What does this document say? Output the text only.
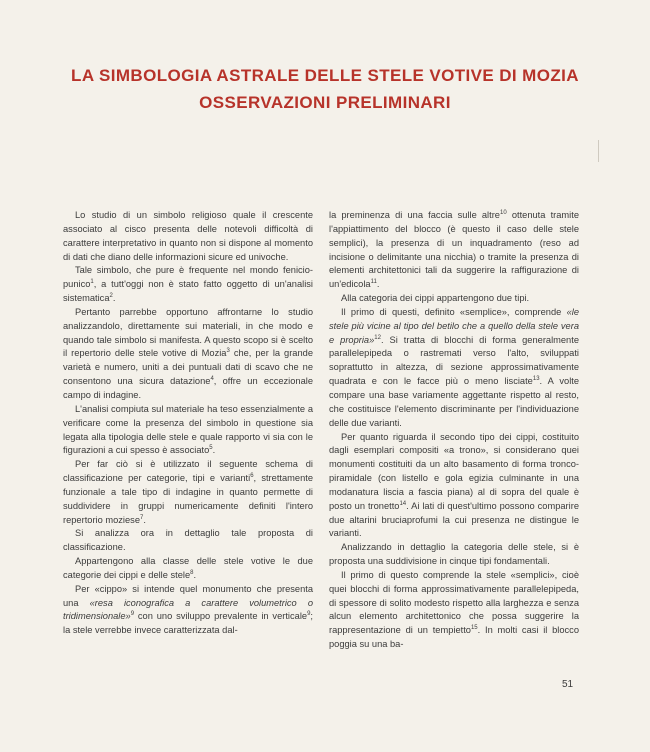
LA SIMBOLOGIA ASTRALE DELLE STELE VOTIVE DI MOZIA
OSSERVAZIONI PRELIMINARI

Lo studio di un simbolo religioso quale il crescente associato al cisco presenta delle notevoli difficoltà di carattere interpretativo in quanto non si dispone al momento di dati che diano delle informazioni sicure ed univoche.

Tale simbolo, che pure è frequente nel mondo fenicio-punico$^1$, a tutt'oggi non è stato fatto oggetto di un'analisi sistematica$^2$.

Pertanto parrebbe opportuno affrontarne lo studio analizzandolo, direttamente sui materiali, in che modo e quando tale simbolo si manifesta. A questo scopo si è scelto il repertorio delle stele votive di Mozia$^3$ che, per la grande varietà e numero, uniti a dei puntuali dati di scavo che ne consentono una sicura datazione$^4$, offre un eccezionale campo di indagine.

L'analisi compiuta sul materiale ha teso essenzialmente a verificare come la presenza del simbolo in questione sia legata alla tipologia delle stele e quale rapporto vi sia con le figurazioni a cui spesso è associato$^5$.

Per far ciò si è utilizzato il seguente schema di classificazione per categorie, tipi e varianti$^6$, strettamente funzionale a tale tipo di indagine in quanto permette di suddividere in gruppi numericamente definiti l'intero repertorio moziese$^7$.

Si analizza ora in dettaglio tale proposta di classificazione.

Appartengono alla classe delle stele votive le due categorie dei cippi e delle stele$^8$.

Per «cippo» si intende quel monumento che presenta una «resa iconografica a carattere volumetrico o tridimensionale»$^9$ con uno sviluppo prevalente in verticale$^9$; la stele verrebbe invece caratterizzata dal-

la preminenza di una faccia sulle altre$^{10}$ ottenuta tramite l'appiattimento del blocco (è questo il caso delle stele semplici), la presenza di un inquadramento (reso ad incisione o delimitante una nicchia) o tramite la presenza di elementi architettonici tali da suggerire la raffigurazione di un'edicola$^{11}$.

Alla categoria dei cippi appartengono due tipi.

Il primo di questi, definito «semplice», comprende «le stele più vicine al tipo del betilo che a quello della stele vera e propria»$^{12}$. Si tratta di blocchi di forma generalmente parallelepipeda o rastremati verso l'alto, sviluppati soprattutto in altezza, di sezione approssimativamente quadrata e con le facce più o meno lisciate$^{13}$. A volte compare una base variamente aggettante rispetto al resto, che costituisce l'elemento discriminante per l'individuazione delle due varianti.

Per quanto riguarda il secondo tipo dei cippi, costituito dagli esemplari compositi «a trono», si considerano quei monumenti costituiti da un alto basamento di forma tronco-piramidale (con listello e gola egizia culminante in una modanatura liscia a fascia piana) al di sopra del quale è posto un tronetto$^{14}$. Ai lati di quest'ultimo possono comparire due altarini bruciaprofumi la cui presenza ne distingue le varianti.

Analizzando in dettaglio la categoria delle stele, si è proposta una suddivisione in cinque tipi fondamentali.

Il primo di questo comprende la stele «semplici», cioè quei blocchi di forma approssimativamente parallelepipeda, di spessore di solito modesto rispetto alla larghezza e senza alcun elemento architettonico che possa suggerire la rappresentazione di un tempietto$^{15}$. In molti casi il blocco poggia su una ba-

51
